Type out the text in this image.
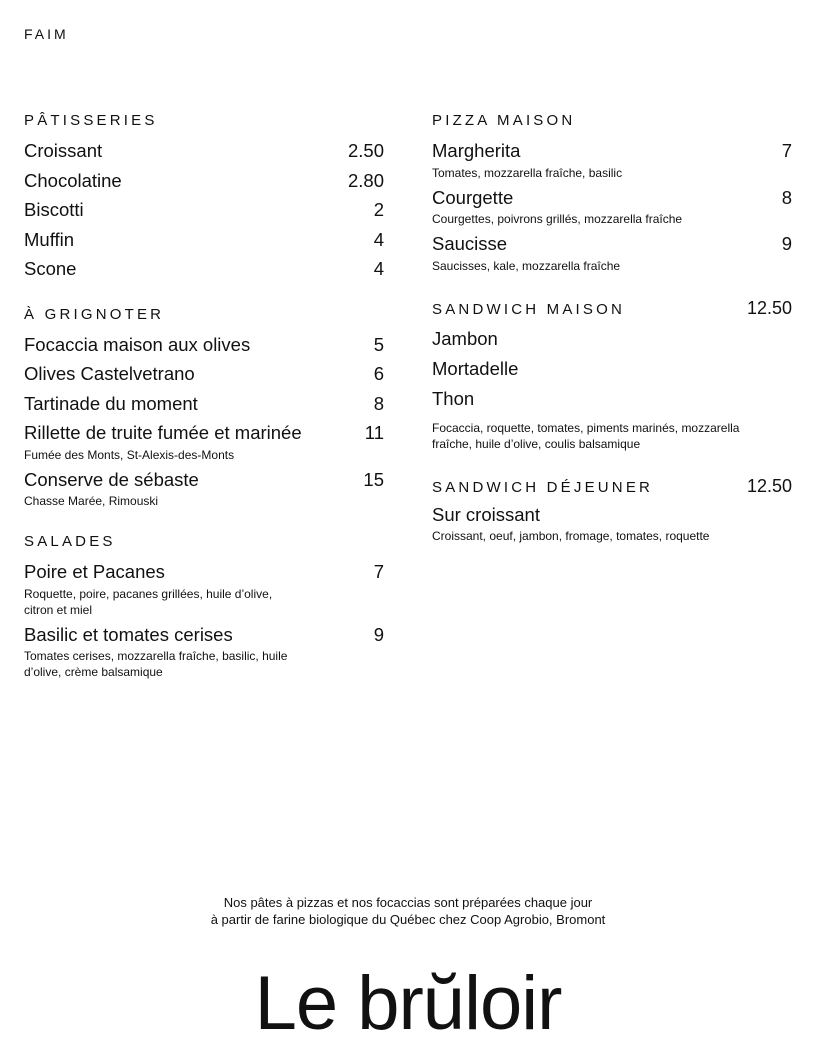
FAIM
PÂTISSERIES
Croissant	2.50
Chocolatine	2.80
Biscotti	2
Muffin	4
Scone	4
À GRIGNOTER
Focaccia maison aux olives	5
Olives Castelvetrano	6
Tartinade du moment	8
Rillette de truite fumée et marinée	11
Fumée des Monts, St-Alexis-des-Monts
Conserve de sébaste	15
Chasse Marée, Rimouski
SALADES
Poire et Pacanes	7
Roquette, poire, pacanes grillées, huile d’olive, citron et miel
Basilic et tomates cerises	9
Tomates cerises, mozzarella fraîche, basilic, huile d’olive, crème balsamique
PIZZA MAISON
Margherita	7
Tomates, mozzarella fraîche, basilic
Courgette	8
Courgettes, poivrons grillés, mozzarella fraîche
Saucisse	9
Saucisses, kale, mozzarella fraîche
SANDWICH MAISON	12.50
Jambon
Mortadelle
Thon
Focaccia, roquette, tomates, piments marinés, mozzarella fraîche, huile d’olive, coulis balsamique
SANDWICH DÉJEUNER	12.50
Sur croissant
Croissant, oeuf, jambon, fromage, tomates, roquette
Nos pâtes à pizzas et nos focaccias sont préparées chaque jour
à partir de farine biologique du Québec chez Coop Agrobio, Bromont
Le brŭloir
